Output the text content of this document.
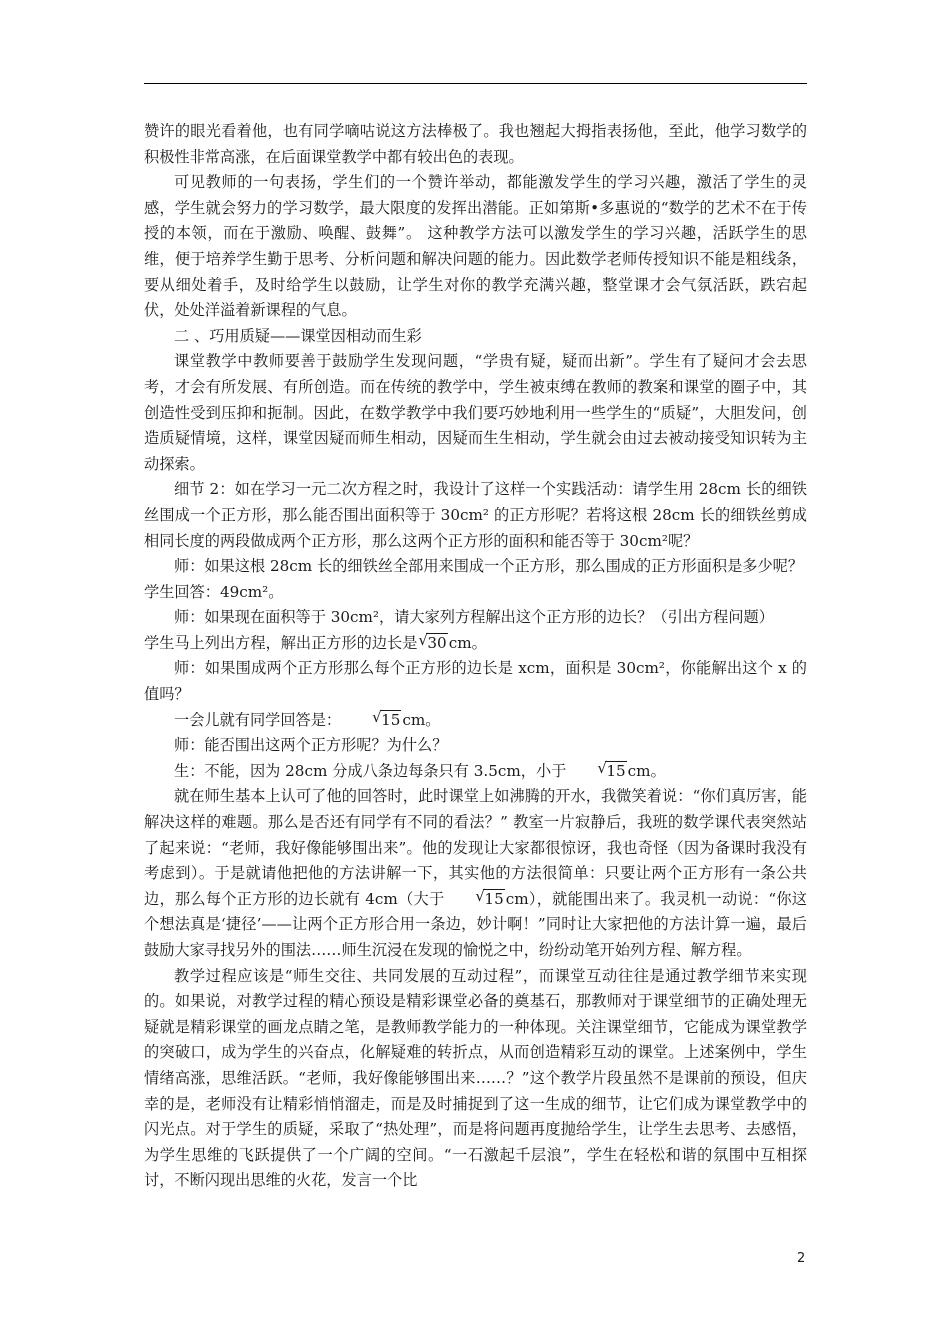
赞许的眼光看着他，也有同学嘀咕说这方法棒极了。我也翘起大拇指表扬他，至此，他学习数学的积极性非常高涨，在后面课堂教学中都有较出色的表现。

可见教师的一句表扬，学生们的一个赞许举动，都能激发学生的学习兴趣，激活了学生的灵感，学生就会努力的学习数学，最大限度的发挥出潜能。正如第斯•多惠说的“数学的艺术不在于传授的本领，而在于激励、唤醒、鼓舞”。 这种教学方法可以激发学生的学习兴趣，活跃学生的思维，便于培养学生勤于思考、分析问题和解决问题的能力。因此数学老师传授知识不能是粗线条，要从细处着手，及时给学生以鼓励，让学生对你的教学充满兴趣，整堂课才会气氛活跃，跌宕起伏，处处洋溢着新课程的气息。

二 、巧用质疑——课堂因相动而生彩

课堂教学中教师要善于鼓励学生发现问题，“学贵有疑，疑而出新”。学生有了疑问才会去思考，才会有所发展、有所创造。而在传统的教学中，学生被束缚在教师的教案和课堂的圈子中，其创造性受到压抑和扼制。因此，在数学教学中我们要巧妙地利用一些学生的“质疑”，大胆发问，创造质疑情境，这样，课堂因疑而师生相动，因疑而生生相动，学生就会由过去被动接受知识转为主动探索。

细节 2：如在学习一元二次方程之时，我设计了这样一个实践活动：请学生用 28cm 长的细铁丝围成一个正方形，那么能否围出面积等于 30cm² 的正方形呢？若将这根 28cm 长的细铁丝剪成相同长度的两段做成两个正方形，那么这两个正方形的面积和能否等于 30cm²呢？

师：如果这根 28cm 长的细铁丝全部用来围成一个正方形，那么围成的正方形面积是多少呢？

学生回答：49cm²。

师：如果现在面积等于 30cm²，请大家列方程解出这个正方形的边长？（引出方程问题）

学生马上列出方程，解出正方形的边长是 √ 30 cm。

师：如果围成两个正方形那么每个正方形的边长是 xcm，面积是 30cm²，你能解出这个 x 的值吗？

一会儿就有同学回答是：	√ 15 cm。

师：能否围出这两个正方形呢？为什么？

生：不能，因为 28cm 分成八条边每条只有 3.5cm，小于	√ 15 cm。

就在师生基本上认可了他的回答时，此时课堂上如沸腾的开水，我微笑着说：“你们真厉害，能解决这样的难题。那么是否还有同学有不同的看法？” 教室一片寂静后，我班的数学课代表突然站了起来说：“老师，我好像能够围出来”。他的发现让大家都很惊讶，我也奇怪（因为备课时我没有考虑到）。于是就请他把他的方法讲解一下，其实他的方法很简单：只要让两个正方形有一条公共边，那么每个正方形的边长就有 4cm（大于	√ 15 cm），就能围出来了。我灵机一动说：“你这个想法真是‘捷径’——让两个正方形合用一条边，妙计啊！”同时让大家把他的方法计算一遍，最后鼓励大家寻找另外的围法……师生沉浸在发现的愉悦之中，纷纷动笔开始列方程、解方程。

教学过程应该是“师生交往、共同发展的互动过程”，而课堂互动往往是通过教学细节来实现的。如果说，对教学过程的精心预设是精彩课堂必备的奠基石，那教师对于课堂细节的正确处理无疑就是精彩课堂的画龙点睛之笔，是教师教学能力的一种体现。关注课堂细节，它能成为课堂教学的突破口，成为学生的兴奋点，化解疑难的转折点，从而创造精彩互动的课堂。上述案例中，学生情绪高涨，思维活跃。“老师，我好像能够围出来……？”这个教学片段虽然不是课前的预设，但庆幸的是，老师没有让精彩悄悄溜走，而是及时捕捉到了这一生成的细节，让它们成为课堂教学中的闪光点。对于学生的质疑，采取了“热处理”，而是将问题再度抛给学生，让学生去思考、去感悟，为学生思维的飞跃提供了一个广阔的空间。“一石激起千层浪”，学生在轻松和谐的氛围中互相探讨，不断闪现出思维的火花，发言一个比

2
